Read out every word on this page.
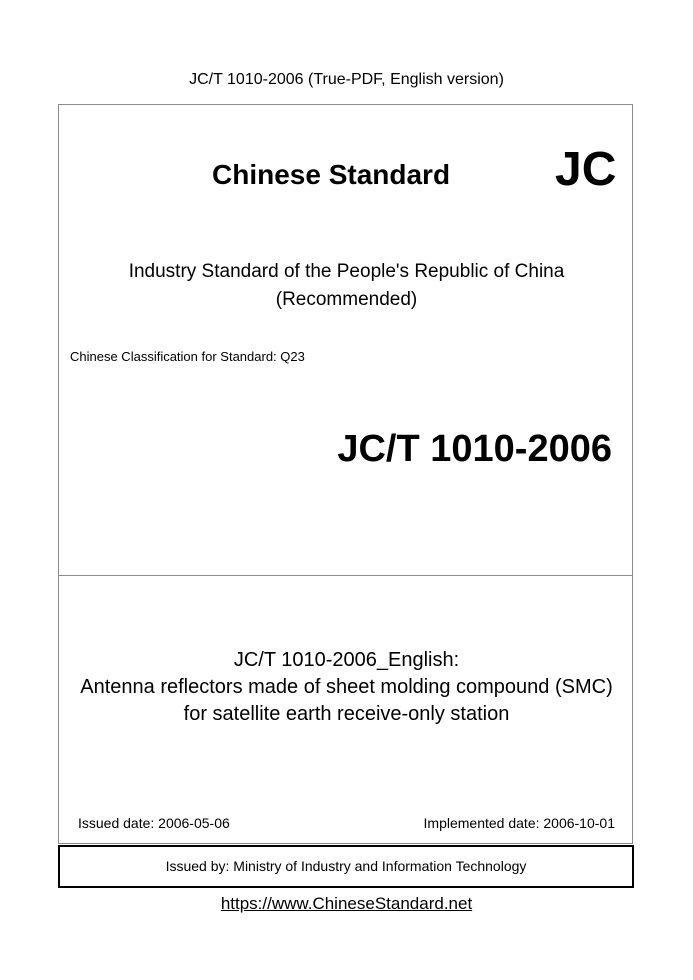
JC/T 1010-2006 (True-PDF, English version)
Chinese Standard JC
Industry Standard of the People's Republic of China
(Recommended)
Chinese Classification for Standard: Q23
JC/T 1010-2006
JC/T 1010-2006_English:
Antenna reflectors made of sheet molding compound (SMC)
for satellite earth receive-only station
Issued date: 2006-05-06	Implemented date: 2006-10-01
Issued by: Ministry of Industry and Information Technology
https://www.ChineseStandard.net
